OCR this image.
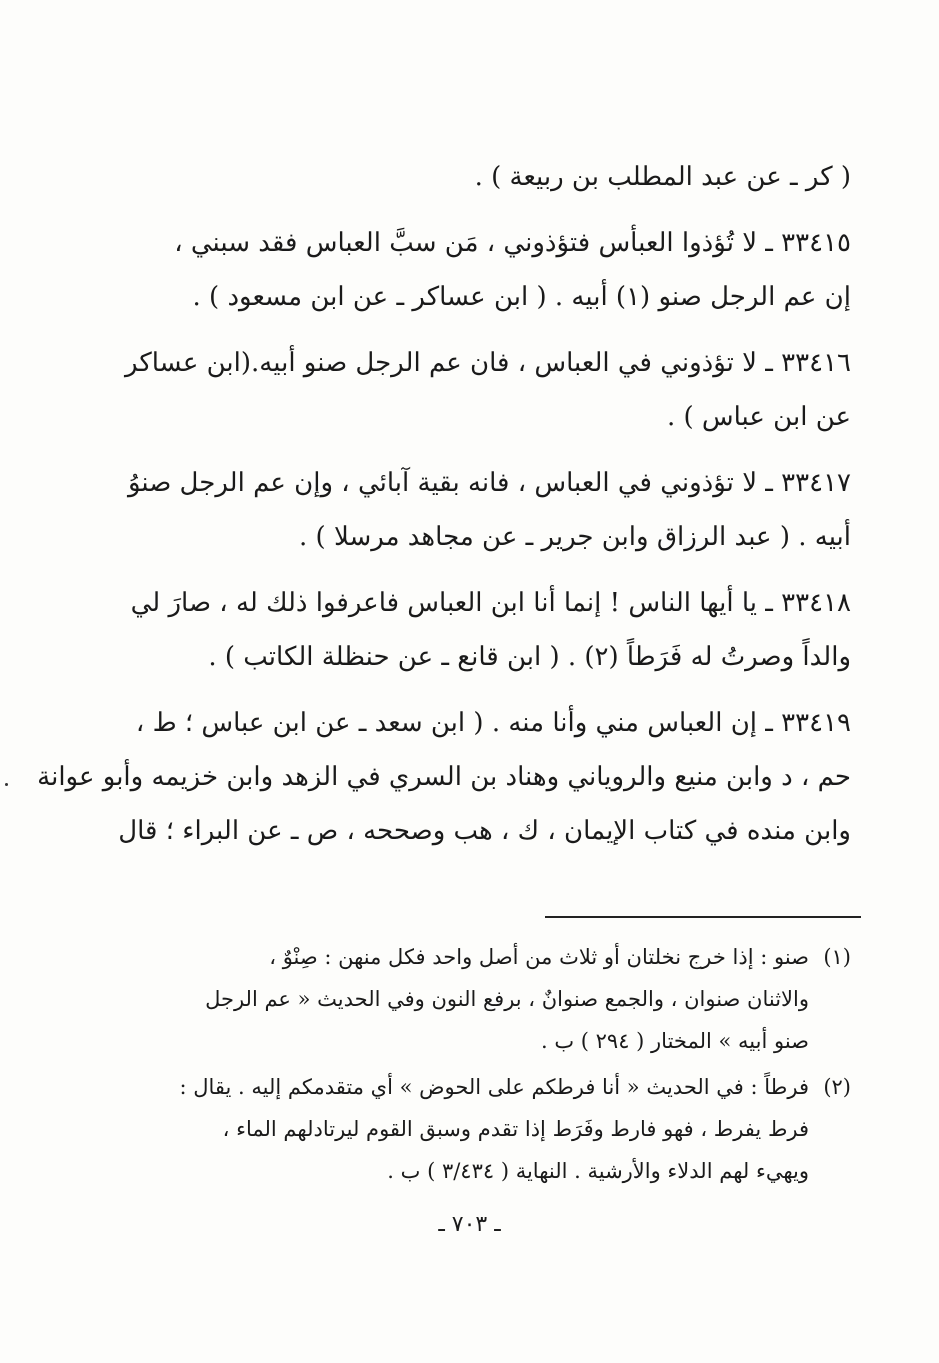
( كر ـ عن عبد المطلب بن ربيعة ) .
٣٣٤١٥ ـ لا تُؤذوا العبأس فتؤذوني ، مَن سبَّ العباس فقد سبني ،
إن عم الرجل صنو (١) أبيه . ( ابن عساكر ـ عن ابن مسعود ) .
٣٣٤١٦ ـ لا تؤذوني في العباس ، فان عم الرجل صنو أبيه.(ابن عساكر
عن ابن عباس ) .
٣٣٤١٧ ـ لا تؤذوني في العباس ، فانه بقية آبائي ، وإن عم الرجل صنوُ
أبيه . ( عبد الرزاق وابن جرير ـ عن مجاهد مرسلا ) .
٣٣٤١٨ ـ يا أيها الناس ! إنما أنا ابن العباس فاعرفوا ذلك له ، صارَ لي
والداً وصرتُ له فَرَطاً (٢) . ( ابن قانع ـ عن حنظلة الكاتب ) .
٣٣٤١٩ ـ إن العباس مني وأنا منه . ( ابن سعد ـ عن ابن عباس ؛ ط ،
حم ، د وابن منيع والروياني وهناد بن السري في الزهد وابن خزيمه وأبو عوانة
وابن منده في كتاب الإيمان ، ك ، هب وصححه ، ص ـ عن البراء ؛ قال
(١)
صنو : إذا خرج نخلتان أو ثلاث من أصل واحد فكل منهن : صِنْوٌ ،
والاثنان صنوان ، والجمع صنوانٌ ، برفع النون وفي الحديث « عم الرجل
صنو أبيه » المختار ( ٢٩٤ ) ب .
(٢)
فرطاً : في الحديث « أنا فرطكم على الحوض » أي متقدمكم إليه . يقال :
فرط يفرط ، فهو فارط وفَرَط إذا تقدم وسبق القوم ليرتادلهم الماء ،
ويهيء لهم الدلاء والأرشية . النهاية ( ٣/٤٣٤ ) ب .
ـ ٧٠٣ ـ
